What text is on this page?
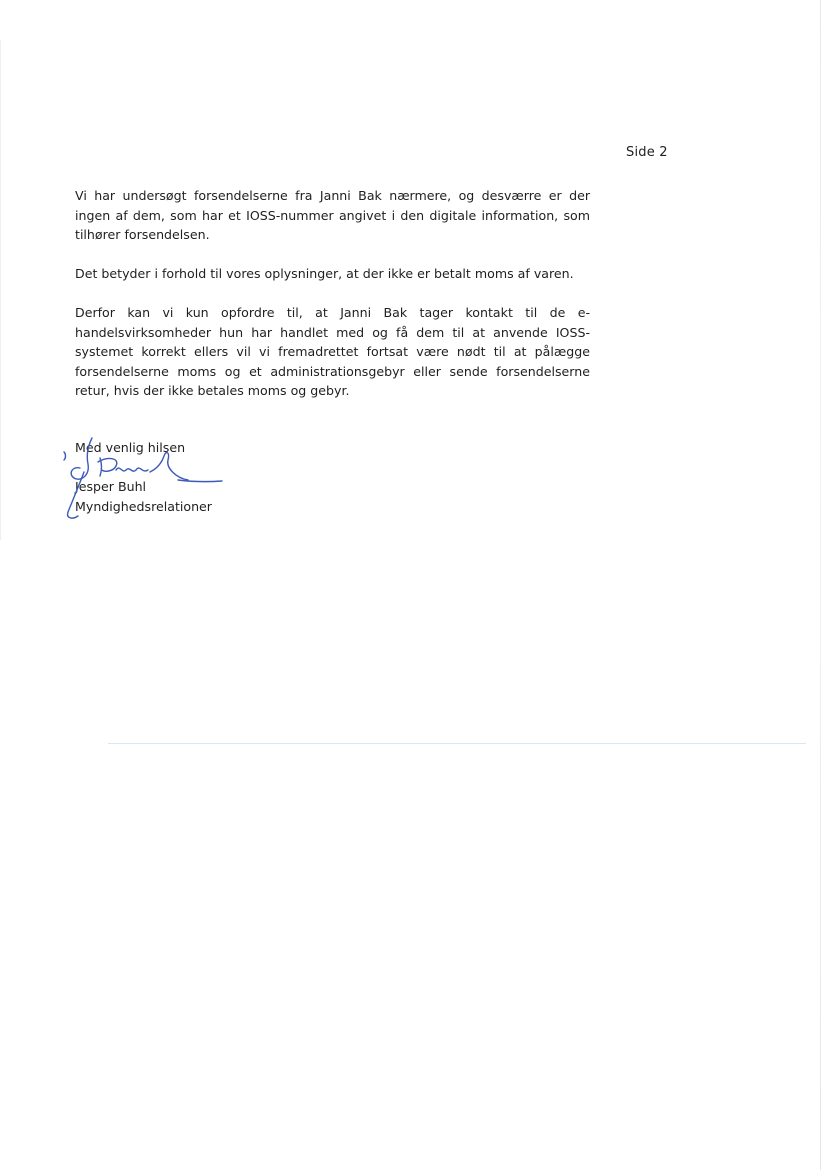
Side 2

Vi har undersøgt forsendelserne fra Janni Bak nærmere, og desværre er der ingen af dem, som har et IOSS-nummer angivet i den digitale information, som tilhører forsendelsen.

Det betyder i forhold til vores oplysninger, at der ikke er betalt moms af varen.

Derfor kan vi kun opfordre til, at Janni Bak tager kontakt til de e-handelsvirksomheder hun har handlet med og få dem til at anvende IOSS-systemet korrekt ellers vil vi fremadrettet fortsat være nødt til at pålægge forsendelserne moms og et administrationsgebyr eller sende forsendelserne retur, hvis der ikke betales moms og gebyr.

Med venlig hilsen
Jesper Buhl
Myndighedsrelationer
